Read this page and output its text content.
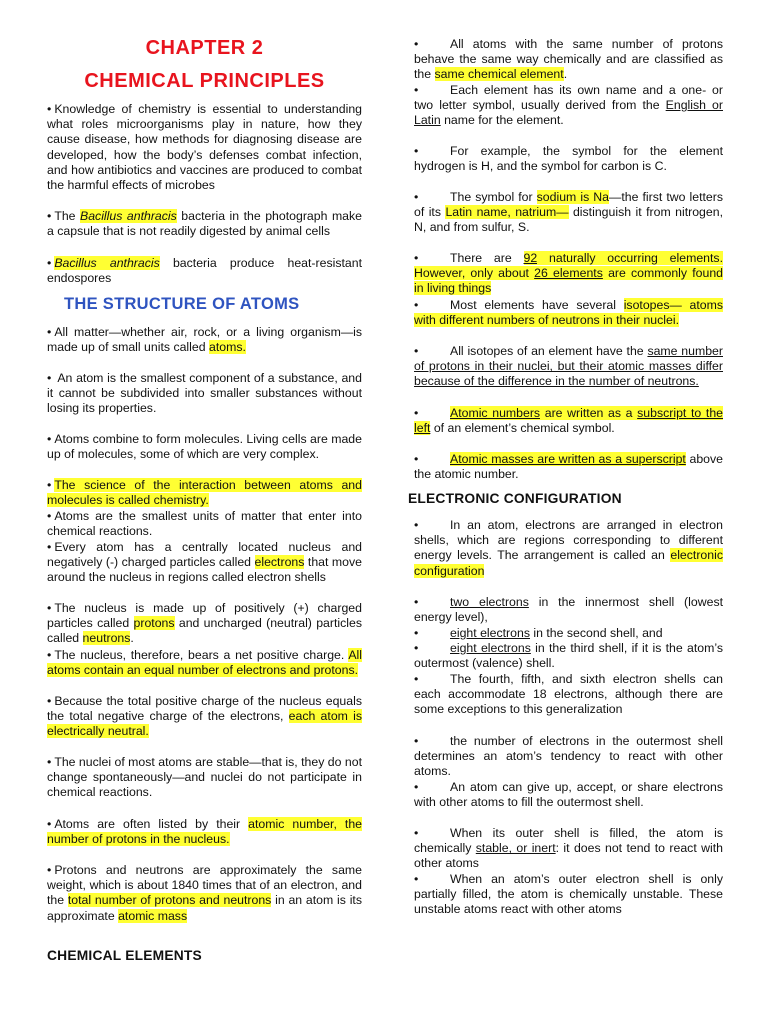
CHAPTER 2
CHEMICAL PRINCIPLES

• Knowledge of chemistry is essential to understanding what roles microorganisms play in nature, how they cause disease, how methods for diagnosing disease are developed, how the body’s defenses combat infection, and how antibiotics and vaccines are produced to combat the harmful effects of microbes

• The Bacillus anthracis bacteria in the photograph make a capsule that is not readily digested by animal cells

• Bacillus anthracis bacteria produce heat-resistant endospores

THE STRUCTURE OF ATOMS

• All matter—whether air, rock, or a living organism—is made up of small units called atoms.

• An atom is the smallest component of a substance, and it cannot be subdivided into smaller substances without losing its properties.

• Atoms combine to form molecules. Living cells are made up of molecules, some of which are very complex.

• The science of the interaction between atoms and molecules is called chemistry.

• Atoms are the smallest units of matter that enter into chemical reactions.

• Every atom has a centrally located nucleus and negatively (-) charged particles called electrons that move around the nucleus in regions called electron shells

• The nucleus is made up of positively (+) charged particles called protons and uncharged (neutral) particles called neutrons.

• The nucleus, therefore, bears a net positive charge. All atoms contain an equal number of electrons and protons.

• Because the total positive charge of the nucleus equals the total negative charge of the electrons, each atom is electrically neutral.

• The nuclei of most atoms are stable—that is, they do not change spontaneously—and nuclei do not participate in chemical reactions.

• Atoms are often listed by their atomic number, the number of protons in the nucleus.

• Protons and neutrons are approximately the same weight, which is about 1840 times that of an electron, and the total number of protons and neutrons in an atom is its approximate atomic mass

CHEMICAL ELEMENTS

•	All atoms with the same number of protons behave the same way chemically and are classified as the same chemical element.

•	Each element has its own name and a one- or two letter symbol, usually derived from the English or Latin name for the element.

•	For example, the symbol for the element hydrogen is H, and the symbol for carbon is C.

•	The symbol for sodium is Na—the first two letters of its Latin name, natrium— distinguish it from nitrogen, N, and from sulfur, S.

•	There are 92 naturally occurring elements. However, only about 26 elements are commonly found in living things

•	Most elements have several isotopes— atoms with different numbers of neutrons in their nuclei.

•	All isotopes of an element have the same number of protons in their nuclei, but their atomic masses differ because of the difference in the number of neutrons.

•	Atomic numbers are written as a subscript to the left of an element’s chemical symbol.

•	Atomic masses are written as a superscript above the atomic number.

ELECTRONIC CONFIGURATION

•	In an atom, electrons are arranged in electron shells, which are regions corresponding to different energy levels. The arrangement is called an electronic configuration

•	two electrons in the innermost shell (lowest energy level),

•	eight electrons in the second shell, and

•	eight electrons in the third shell, if it is the atom’s outermost (valence) shell.

•	The fourth, fifth, and sixth electron shells can each accommodate 18 electrons, although there are some exceptions to this generalization

•	the number of electrons in the outermost shell determines an atom’s tendency to react with other atoms.

•	An atom can give up, accept, or share electrons with other atoms to fill the outermost shell.

•	When its outer shell is filled, the atom is chemically stable, or inert: it does not tend to react with other atoms

•	When an atom’s outer electron shell is only partially filled, the atom is chemically unstable. These unstable atoms react with other atoms
